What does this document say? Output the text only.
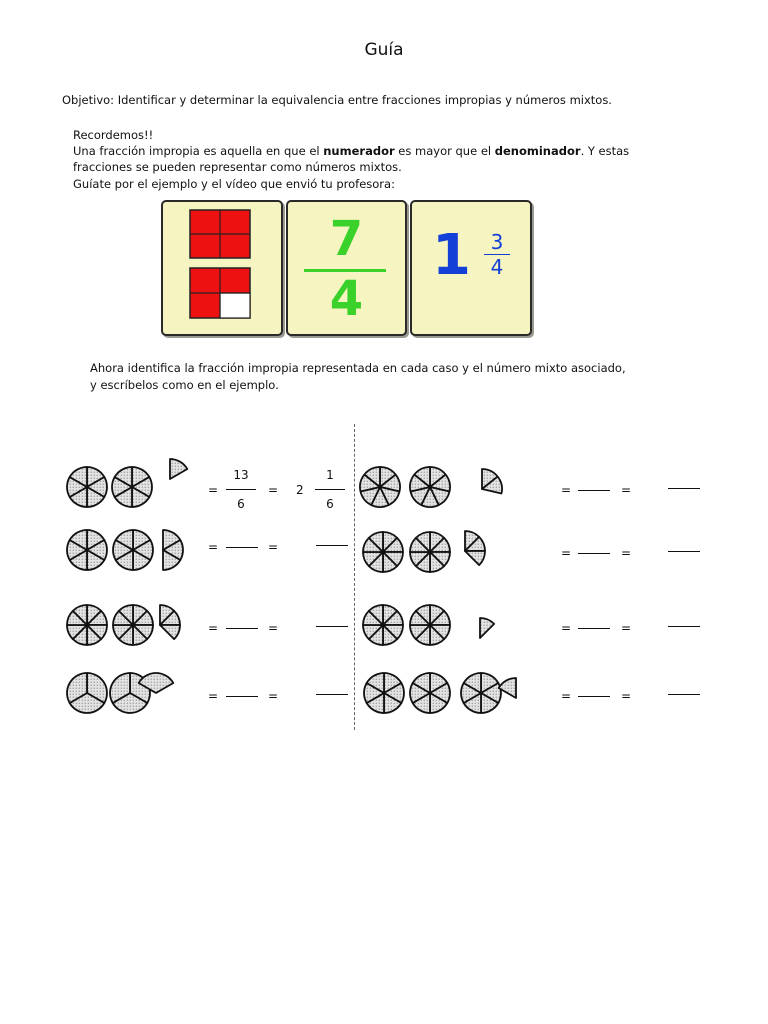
Guía
Objetivo: Identificar y determinar la equivalencia entre fracciones impropias y números mixtos.
Recordemos!!
Una fracción impropia es aquella en que el numerador es mayor que el denominador. Y estas
fracciones se pueden representar como números mixtos.
Guíate por el ejemplo y el vídeo que envió tu profesora:
7
4
1 3
4
Ahora identifica la fracción impropia representada en cada caso y el número mixto asociado,
y escríbelos como en el ejemplo.
=
13
6
= 2
1
6
=	=
=	=
=	=
=	=
=	=
=	=
=	=
